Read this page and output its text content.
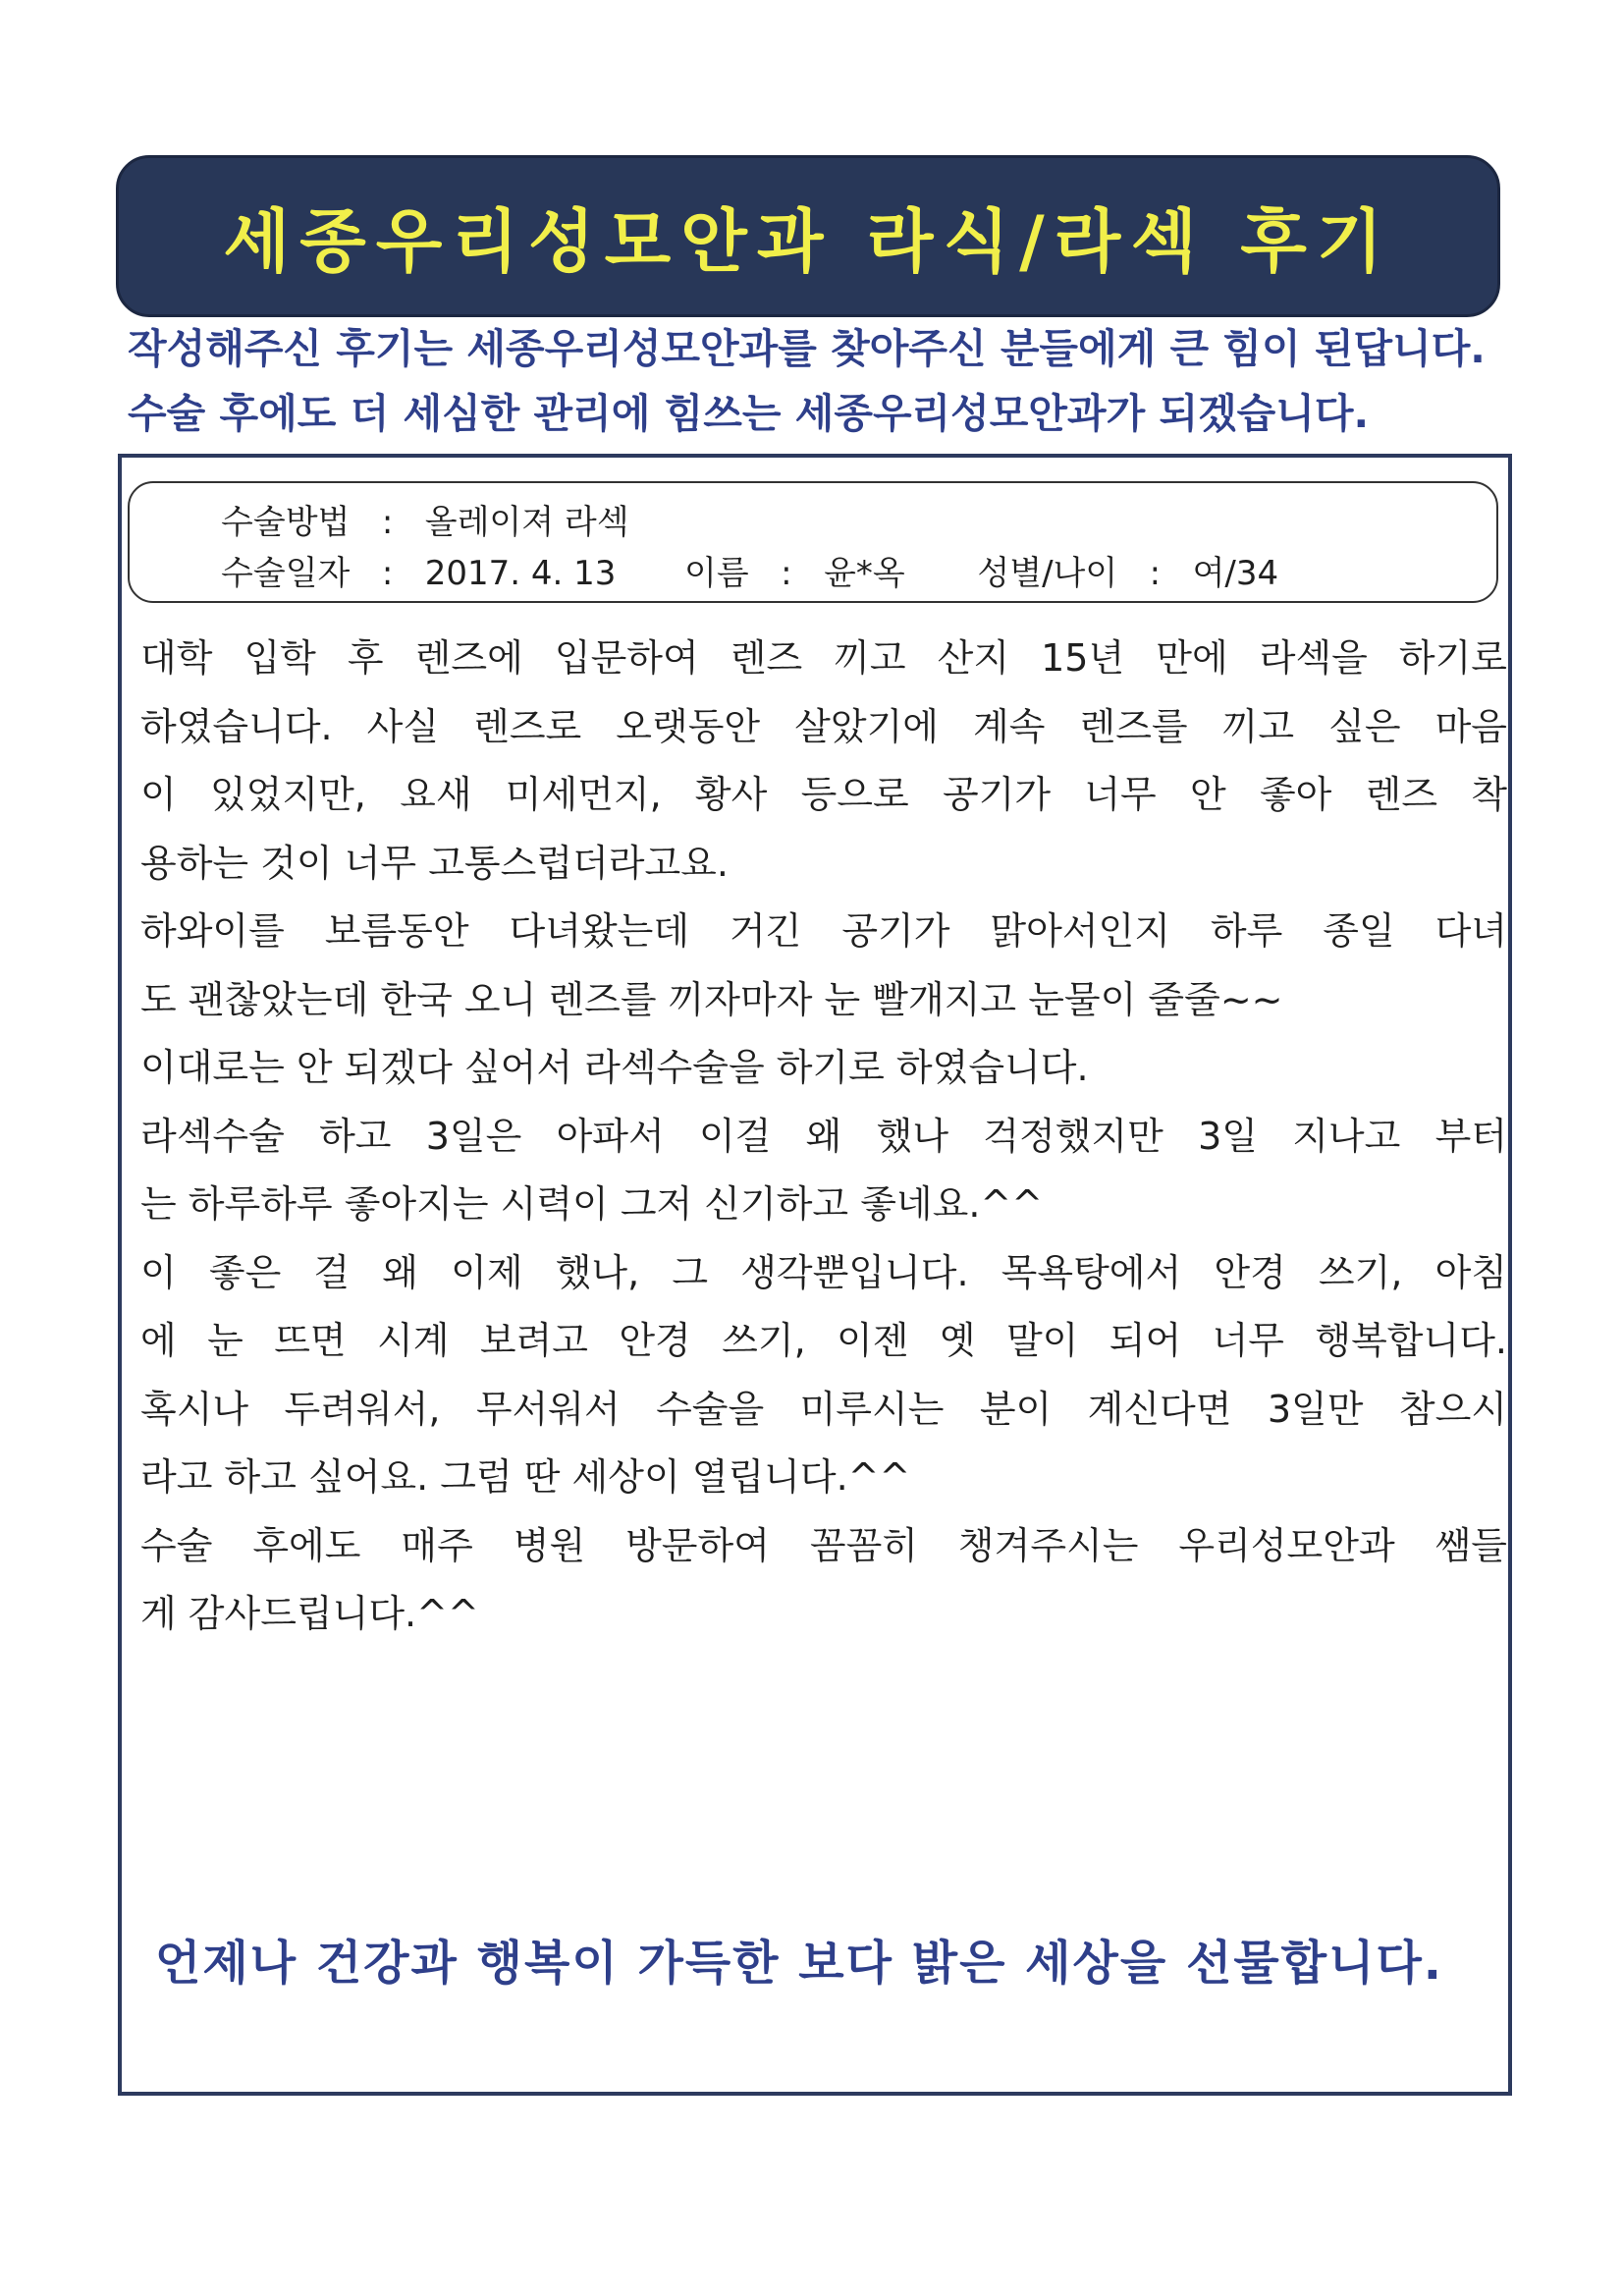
세종우리성모안과 라식/라섹 후기
작성해주신 후기는 세종우리성모안과를 찾아주신 분들에게 큰 힘이 된답니다.
수술 후에도 더 세심한 관리에 힘쓰는 세종우리성모안과가 되겠습니다.
수술방법 : 올레이져 라섹
수술일자 : 2017. 4. 13 이름 : 윤*옥 성별/나이 : 여/34
대학 입학 후 렌즈에 입문하여 렌즈 끼고 산지 15년 만에 라섹을 하기로
하였습니다. 사실 렌즈로 오랫동안 살았기에 계속 렌즈를 끼고 싶은 마음
이 있었지만, 요새 미세먼지, 황사 등으로 공기가 너무 안 좋아 렌즈 착
용하는 것이 너무 고통스럽더라고요.
하와이를 보름동안 다녀왔는데 거긴 공기가 맑아서인지 하루 종일 다녀
도 괜찮았는데 한국 오니 렌즈를 끼자마자 눈 빨개지고 눈물이 줄줄~~
이대로는 안 되겠다 싶어서 라섹수술을 하기로 하였습니다.
라섹수술 하고 3일은 아파서 이걸 왜 했나 걱정했지만 3일 지나고 부터
는 하루하루 좋아지는 시력이 그저 신기하고 좋네요.^^
이 좋은 걸 왜 이제 했나, 그 생각뿐입니다. 목욕탕에서 안경 쓰기, 아침
에 눈 뜨면 시계 보려고 안경 쓰기, 이젠 옛 말이 되어 너무 행복합니다.
혹시나 두려워서, 무서워서 수술을 미루시는 분이 계신다면 3일만 참으시
라고 하고 싶어요. 그럼 딴 세상이 열립니다.^^
수술 후에도 매주 병원 방문하여 꼼꼼히 챙겨주시는 우리성모안과 쌤들
게 감사드립니다.^^
언제나 건강과 행복이 가득한 보다 밝은 세상을 선물합니다.
